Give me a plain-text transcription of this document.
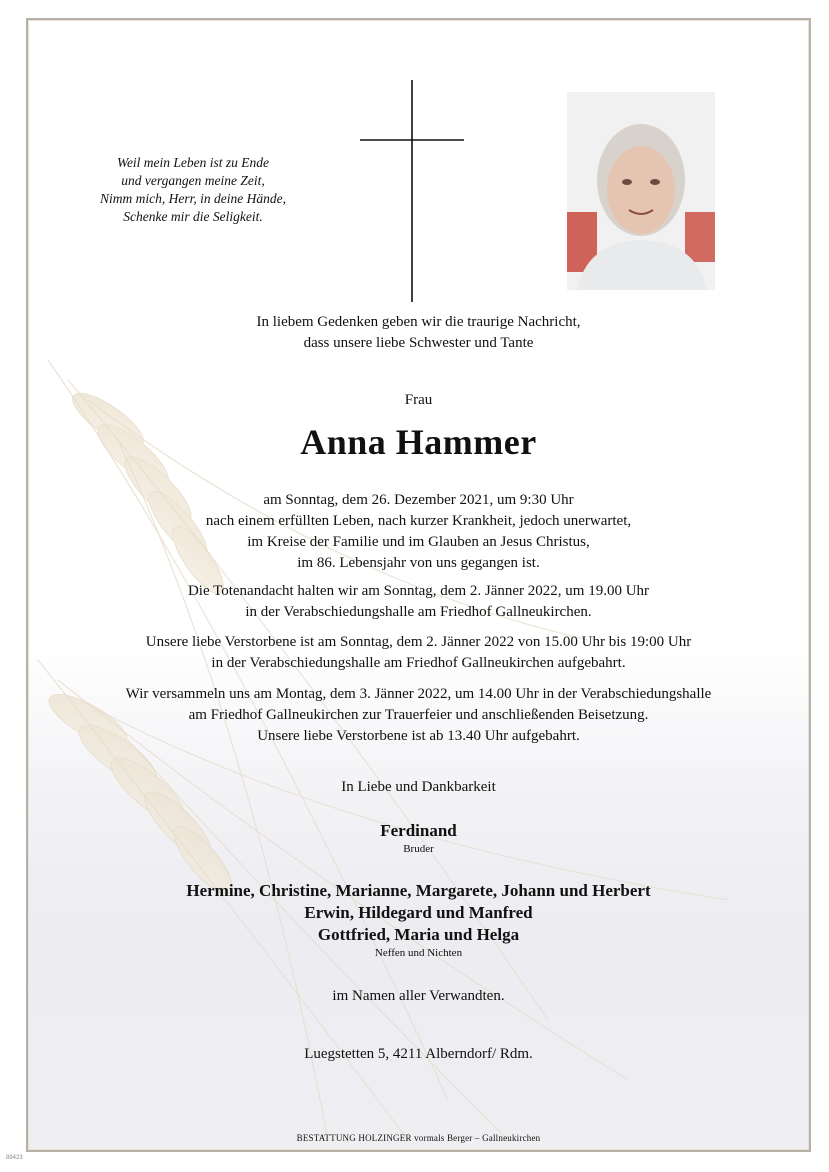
Weil mein Leben ist zu Ende
und vergangen meine Zeit,
Nimm mich, Herr, in deine Hände,
Schenke mir die Seligkeit.
In liebem Gedenken geben wir die traurige Nachricht,
dass unsere liebe Schwester und Tante
Frau
Anna Hammer
am Sonntag, dem 26. Dezember 2021, um 9:30 Uhr
nach einem erfüllten Leben, nach kurzer Krankheit, jedoch unerwartet,
im Kreise der Familie und im Glauben an Jesus Christus,
im 86. Lebensjahr von uns gegangen ist.
Die Totenandacht halten wir am Sonntag, dem 2. Jänner 2022, um 19.00 Uhr
in der Verabschiedungshalle am Friedhof Gallneukirchen.
Unsere liebe Verstorbene ist am Sonntag, dem 2. Jänner 2022 von 15.00 Uhr bis 19:00 Uhr
in der Verabschiedungshalle am Friedhof Gallneukirchen aufgebahrt.
Wir versammeln uns am Montag, dem 3. Jänner 2022, um 14.00 Uhr in der Verabschiedungshalle
am Friedhof Gallneukirchen zur Trauerfeier und anschließenden Beisetzung.
Unsere liebe Verstorbene ist ab 13.40 Uhr aufgebahrt.
In Liebe und Dankbarkeit
Ferdinand
Bruder
Hermine, Christine, Marianne, Margarete, Johann und Herbert
Erwin, Hildegard und Manfred
Gottfried, Maria und Helga
Neffen und Nichten
im Namen aller Verwandten.
Luegstetten 5, 4211 Alberndorf/ Rdm.
BESTATTUNG HOLZINGER vormals Berger – Gallneukirchen
89423
